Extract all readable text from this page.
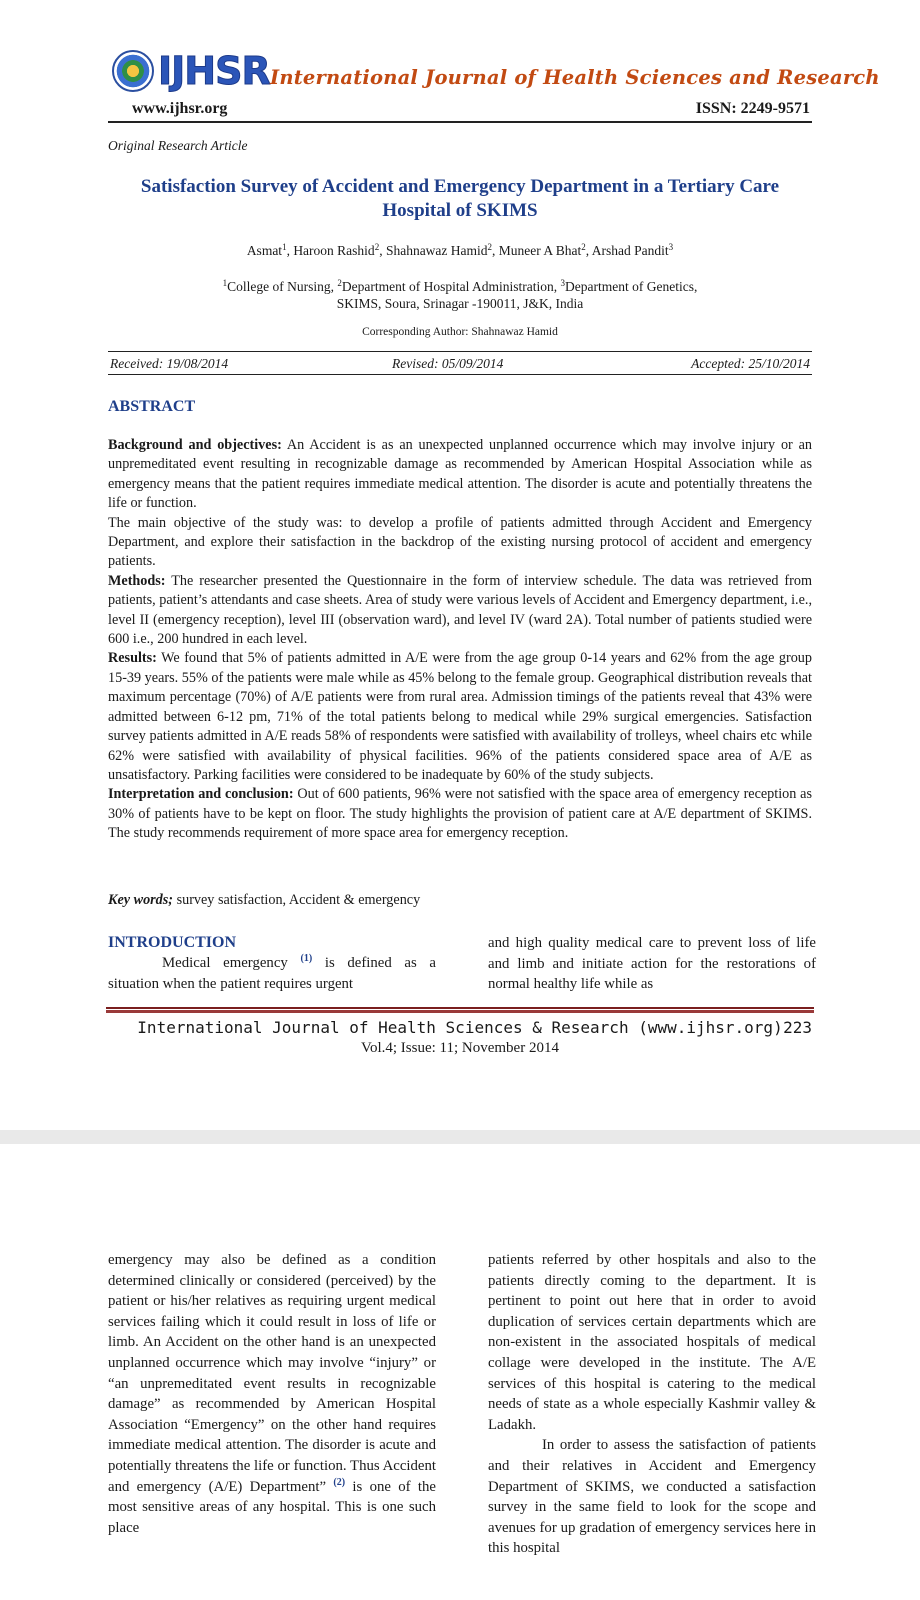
IJHSR International Journal of Health Sciences and Research
www.ijhsr.org	ISSN: 2249-9571
Original Research Article
Satisfaction Survey of Accident and Emergency Department in a Tertiary Care Hospital of SKIMS
Asmat$^1$, Haroon Rashid$^2$, Shahnawaz Hamid$^2$, Muneer A Bhat$^2$, Arshad Pandit$^3$
$^1$College of Nursing, $^2$Department of Hospital Administration, $^3$Department of Genetics,
SKIMS, Soura, Srinagar -190011, J&K, India
Corresponding Author: Shahnawaz Hamid
Received: 19/08/2014	Revised: 05/09/2014	Accepted: 25/10/2014
ABSTRACT

Background and objectives: An Accident is as an unexpected unplanned occurrence which may involve injury or an unpremeditated event resulting in recognizable damage as recommended by American Hospital Association while as emergency means that the patient requires immediate medical attention. The disorder is acute and potentially threatens the life or function.

The main objective of the study was: to develop a profile of patients admitted through Accident and Emergency Department, and explore their satisfaction in the backdrop of the existing nursing protocol of accident and emergency patients.

Methods: The researcher presented the Questionnaire in the form of interview schedule. The data was retrieved from patients, patient’s attendants and case sheets. Area of study were various levels of Accident and Emergency department, i.e., level II (emergency reception), level III (observation ward), and level IV (ward 2A). Total number of patients studied were 600 i.e., 200 hundred in each level.

Results: We found that 5% of patients admitted in A/E were from the age group 0-14 years and 62% from the age group 15-39 years. 55% of the patients were male while as 45% belong to the female group. Geographical distribution reveals that maximum percentage (70%) of A/E patients were from rural area. Admission timings of the patients reveal that 43% were admitted between 6-12 pm, 71% of the total patients belong to medical while 29% surgical emergencies. Satisfaction survey patients admitted in A/E reads 58% of respondents were satisfied with availability of trolleys, wheel chairs etc while 62% were satisfied with availability of physical facilities. 96% of the patients considered space area of A/E as unsatisfactory. Parking facilities were considered to be inadequate by 60% of the study subjects.

Interpretation and conclusion: Out of 600 patients, 96% were not satisfied with the space area of emergency reception as 30% of patients have to be kept on floor. The study highlights the provision of patient care at A/E department of SKIMS. The study recommends requirement of more space area for emergency reception.

Key words; survey satisfaction, Accident & emergency
INTRODUCTION

Medical emergency $^{(1)}$ is defined as a situation when the patient requires urgent

and high quality medical care to prevent loss of life and limb and initiate action for the restorations of normal healthy life while as

International Journal of Health Sciences & Research (www.ijhsr.org) 223
Vol.4; Issue: 11; November 2014

emergency may also be defined as a condition determined clinically or considered (perceived) by the patient or his/her relatives as requiring urgent medical services failing which it could result in loss of life or limb. An Accident on the other hand is an unexpected unplanned occurrence which may involve “injury” or “an unpremeditated event results in recognizable damage” as recommended by American Hospital Association “Emergency” on the other hand requires immediate medical attention. The disorder is acute and potentially threatens the life or function. Thus Accident and emergency (A/E) Department” $^{(2)}$ is one of the most sensitive areas of any hospital. This is one such place

patients referred by other hospitals and also to the patients directly coming to the department. It is pertinent to point out here that in order to avoid duplication of services certain departments which are non-existent in the associated hospitals of medical collage were developed in the institute. The A/E services of this hospital is catering to the medical needs of state as a whole especially Kashmir valley & Ladakh.

In order to assess the satisfaction of patients and their relatives in Accident and Emergency Department of SKIMS, we conducted a satisfaction survey in the same field to look for the scope and avenues for up gradation of emergency services here in this hospital
